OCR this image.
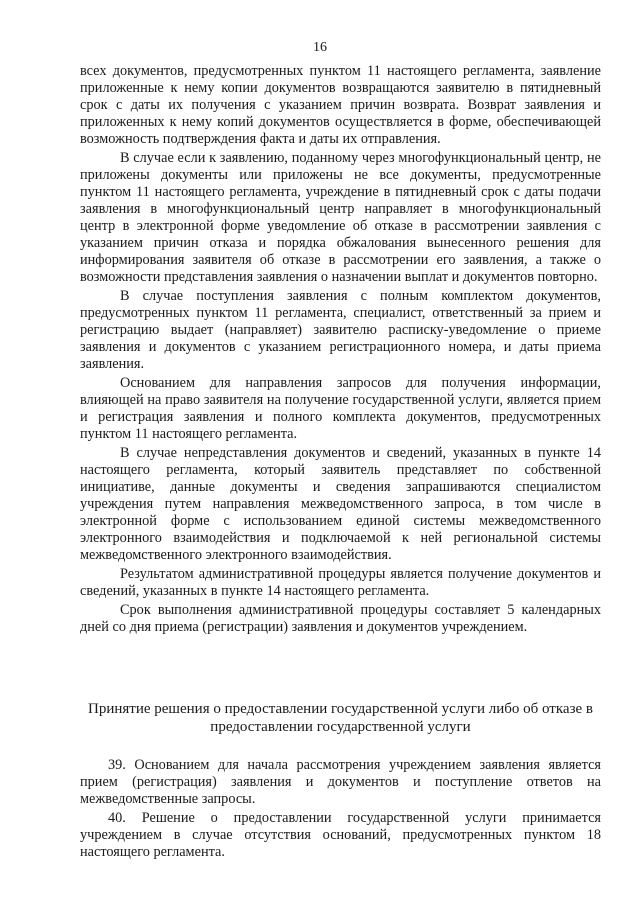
16

всех документов, предусмотренных пунктом 11 настоящего регламента, заявление приложенные к нему копии документов возвращаются заявителю в пятидневный срок с даты их получения с указанием причин возврата. Возврат заявления и приложенных к нему копий документов осуществляется в форме, обеспечивающей возможность подтверждения факта и даты их отправления.

В случае если к заявлению, поданному через многофункциональный центр, не приложены документы или приложены не все документы, предусмотренные пунктом 11 настоящего регламента, учреждение в пятидневный срок с даты подачи заявления в многофункциональный центр направляет в многофункциональный центр в электронной форме уведомление об отказе в рассмотрении заявления с указанием причин отказа и порядка обжалования вынесенного решения для информирования заявителя об отказе в рассмотрении его заявления, а также о возможности представления заявления о назначении выплат и документов повторно.

В случае поступления заявления с полным комплектом документов, предусмотренных пунктом 11 регламента, специалист, ответственный за прием и регистрацию выдает (направляет) заявителю расписку-уведомление о приеме заявления и документов с указанием регистрационного номера, и даты приема заявления.

Основанием для направления запросов для получения информации, влияющей на право заявителя на получение государственной услуги, является прием и регистрация заявления и полного комплекта документов, предусмотренных пунктом 11 настоящего регламента.

В случае непредставления документов и сведений, указанных в пункте 14 настоящего регламента, который заявитель представляет по собственной инициативе, данные документы и сведения запрашиваются специалистом учреждения путем направления межведомственного запроса, в том числе в электронной форме с использованием единой системы межведомственного электронного взаимодействия и подключаемой к ней региональной системы межведомственного электронного взаимодействия.

Результатом административной процедуры является получение документов и сведений, указанных в пункте 14 настоящего регламента.

Срок выполнения административной процедуры составляет 5 календарных дней со дня приема (регистрации) заявления и документов учреждением.

Принятие решения о предоставлении государственной услуги либо об отказе в предоставлении государственной услуги

39. Основанием для начала рассмотрения учреждением заявления является прием (регистрация) заявления и документов и поступление ответов на межведомственные запросы.

40. Решение о предоставлении государственной услуги принимается учреждением в случае отсутствия оснований, предусмотренных пунктом 18 настоящего регламента.
